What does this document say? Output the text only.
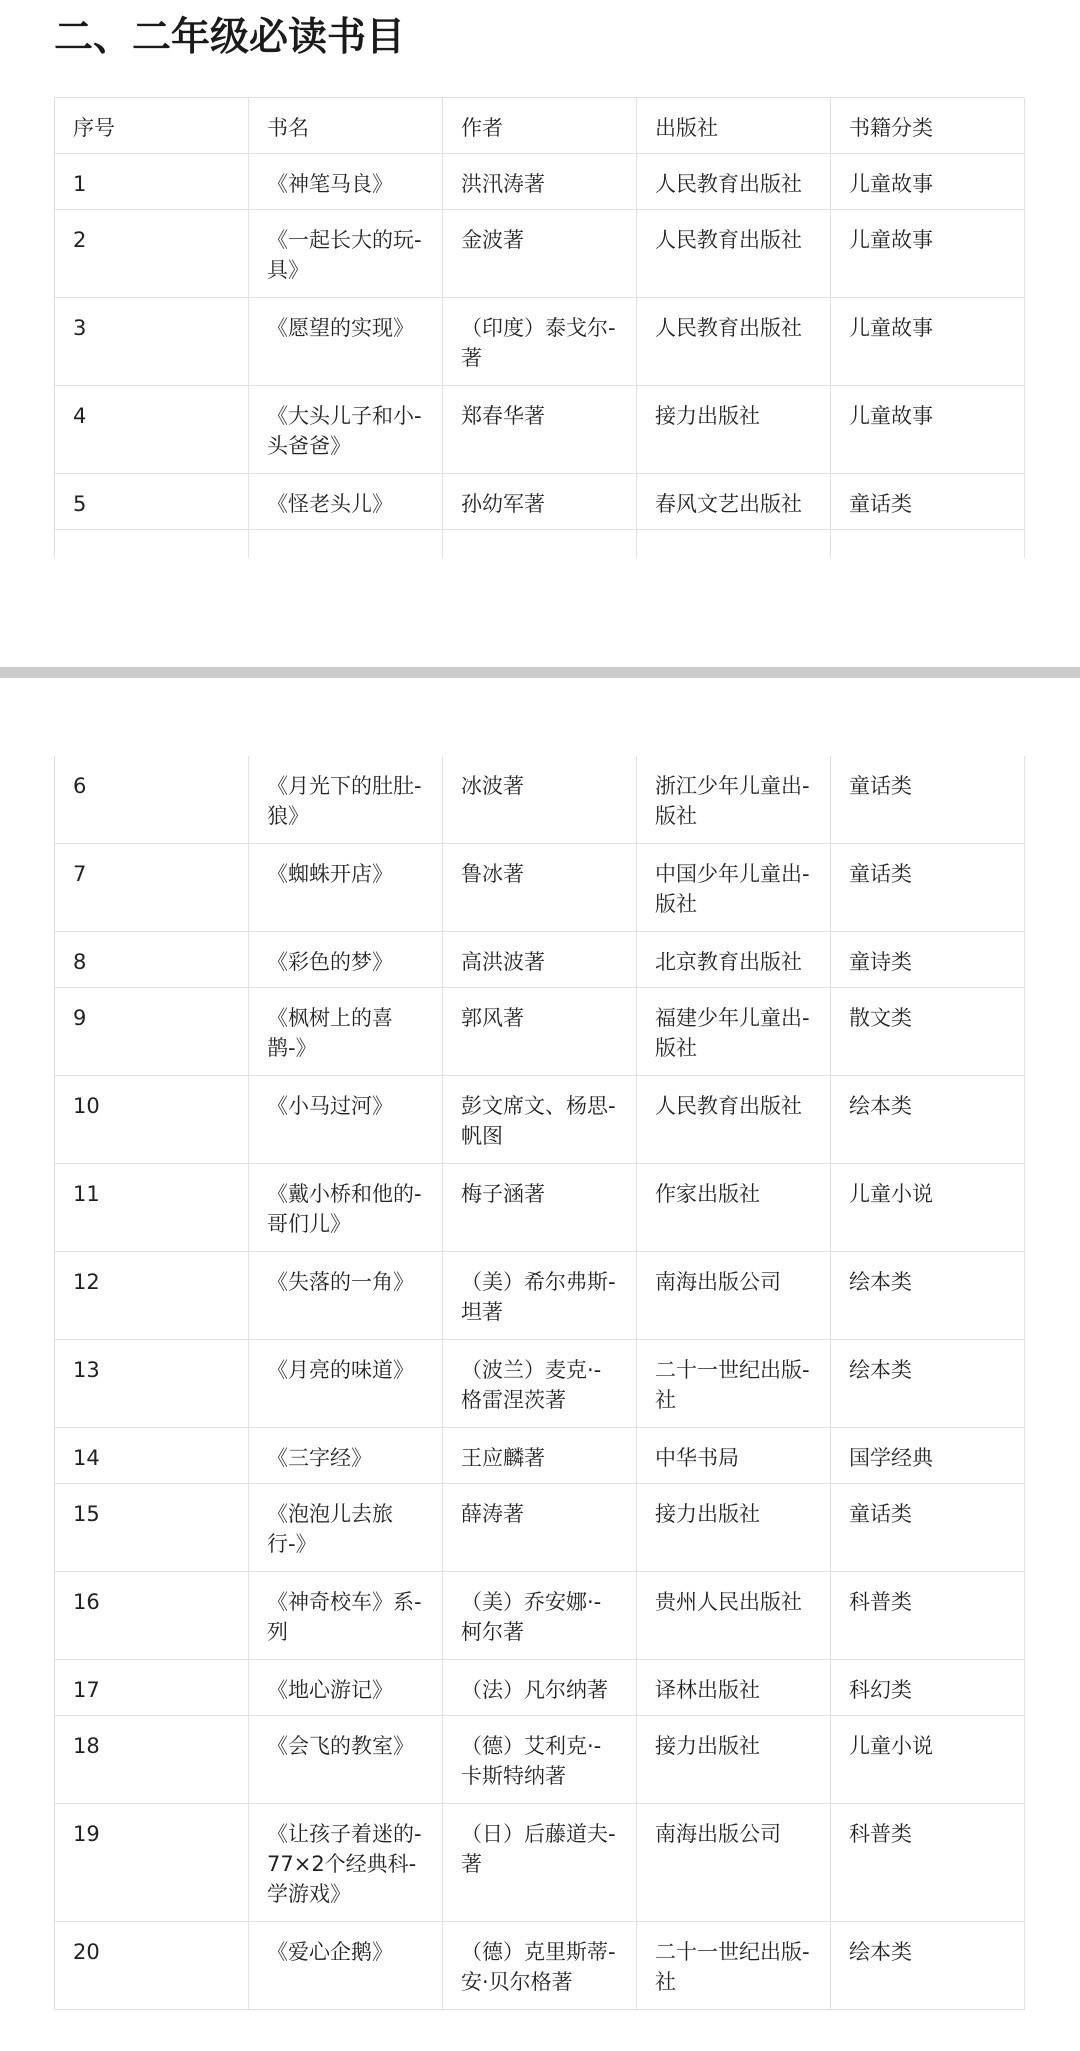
二、二年级必读书目
序号	书名	作者	出版社	书籍分类
1	《神笔马良》	洪汛涛著	人民教育出版社	儿童故事
2	《一起长大的玩-具》	金波著	人民教育出版社	儿童故事
3	《愿望的实现》	（印度）泰戈尔-著	人民教育出版社	儿童故事
4	《大头儿子和小-头爸爸》	郑春华著	接力出版社	儿童故事
5	《怪老头儿》	孙幼军著	春风文艺出版社	童话类

6	《月光下的肚肚-狼》	冰波著	浙江少年儿童出-版社	童话类
7	《蜘蛛开店》	鲁冰著	中国少年儿童出-版社	童话类
8	《彩色的梦》	高洪波著	北京教育出版社	童诗类
9	《枫树上的喜鹊-》	郭风著	福建少年儿童出-版社	散文类
10	《小马过河》	彭文席文、杨思-帆图	人民教育出版社	绘本类
11	《戴小桥和他的-哥们儿》	梅子涵著	作家出版社	儿童小说
12	《失落的一角》	（美）希尔弗斯-坦著	南海出版公司	绘本类
13	《月亮的味道》	（波兰）麦克·-格雷涅茨著	二十一世纪出版-社	绘本类
14	《三字经》	王应麟著	中华书局	国学经典
15	《泡泡儿去旅行-》	薛涛著	接力出版社	童话类
16	《神奇校车》系-列	（美）乔安娜·-柯尔著	贵州人民出版社	科普类
17	《地心游记》	（法）凡尔纳著	译林出版社	科幻类
18	《会飞的教室》	（德）艾利克·-卡斯特纳著	接力出版社	儿童小说
19	《让孩子着迷的-77×2个经典科-学游戏》	（日）后藤道夫-著	南海出版公司	科普类
20	《爱心企鹅》	（德）克里斯蒂-安·贝尔格著	二十一世纪出版-社	绘本类
